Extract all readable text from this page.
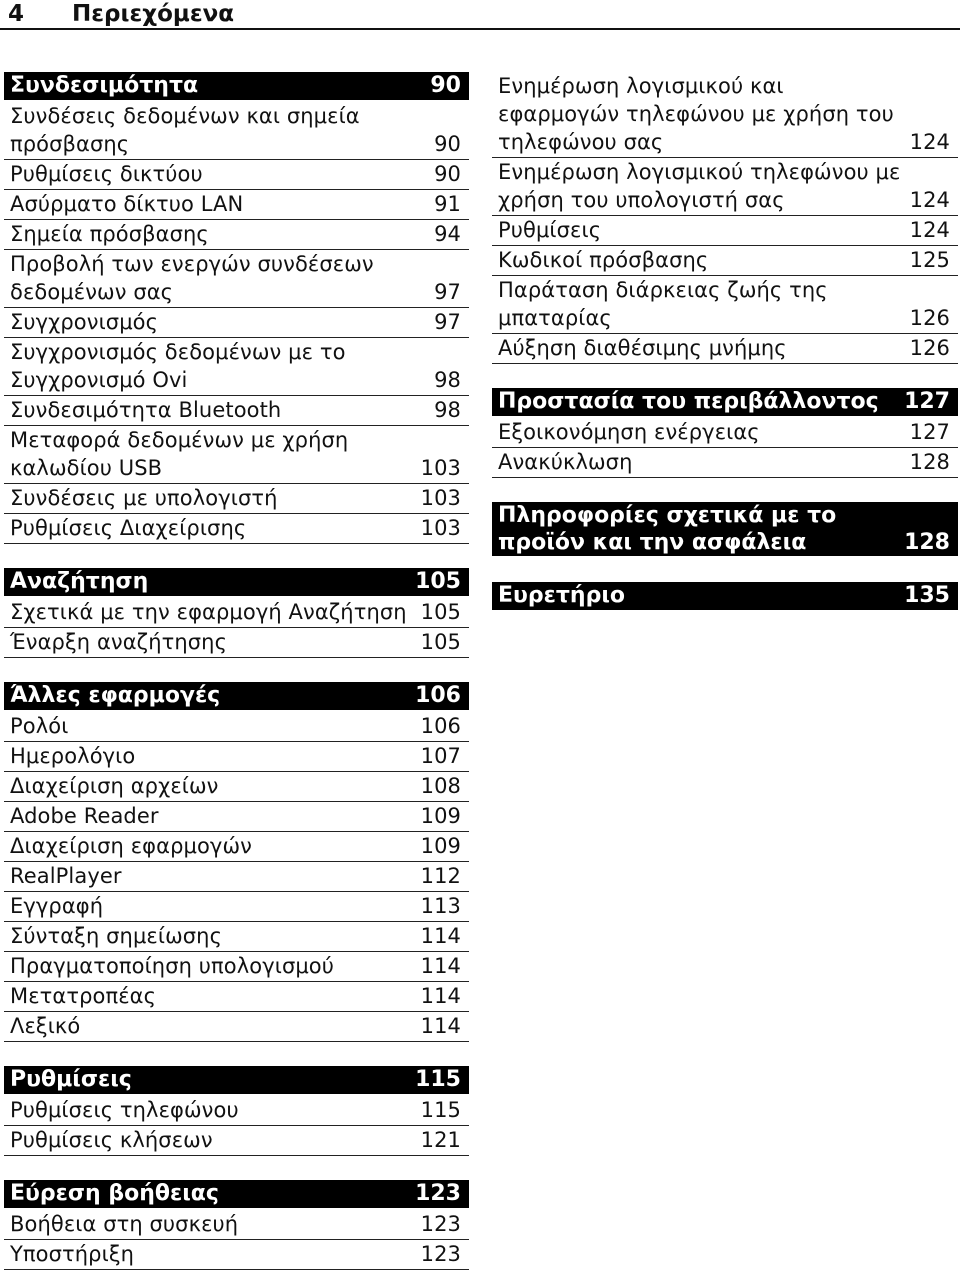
4 Περιεχόμενα
Συνδεσιμότητα	90
Συνδέσεις δεδομένων και σημεία πρόσβασης	90
Ρυθμίσεις δικτύου	90
Ασύρματο δίκτυο LAN	91
Σημεία πρόσβασης	94
Προβολή των ενεργών συνδέσεων δεδομένων σας	97
Συγχρονισμός	97
Συγχρονισμός δεδομένων με το Συγχρονισμό Ovi	98
Συνδεσιμότητα Bluetooth	98
Μεταφορά δεδομένων με χρήση καλωδίου USB	103
Συνδέσεις με υπολογιστή	103
Ρυθμίσεις Διαχείρισης	103
Αναζήτηση	105
Σχετικά με την εφαρμογή Αναζήτηση 105
Έναρξη αναζήτησης	105
Άλλες εφαρμογές	106
Ρολόι	106
Ημερολόγιο	107
Διαχείριση αρχείων	108
Adobe Reader	109
Διαχείριση εφαρμογών	109
RealPlayer	112
Εγγραφή	113
Σύνταξη σημείωσης	114
Πραγματοποίηση υπολογισμού	114
Μετατροπέας	114
Λεξικό	114
Ρυθμίσεις	115
Ρυθμίσεις τηλεφώνου	115
Ρυθμίσεις κλήσεων	121
Εύρεση βοήθειας	123
Βοήθεια στη συσκευή	123
Υποστήριξη	123
Ενημέρωση λογισμικού και εφαρμογών τηλεφώνου με χρήση του τηλεφώνου σας	124
Ενημέρωση λογισμικού τηλεφώνου με χρήση του υπολογιστή σας	124
Ρυθμίσεις	124
Κωδικοί πρόσβασης	125
Παράταση διάρκειας ζωής της μπαταρίας	126
Αύξηση διαθέσιμης μνήμης	126
Προστασία του περιβάλλοντος	127
Εξοικονόμηση ενέργειας	127
Ανακύκλωση	128
Πληροφορίες σχετικά με το προϊόν και την ασφάλεια	128
Ευρετήριο	135
